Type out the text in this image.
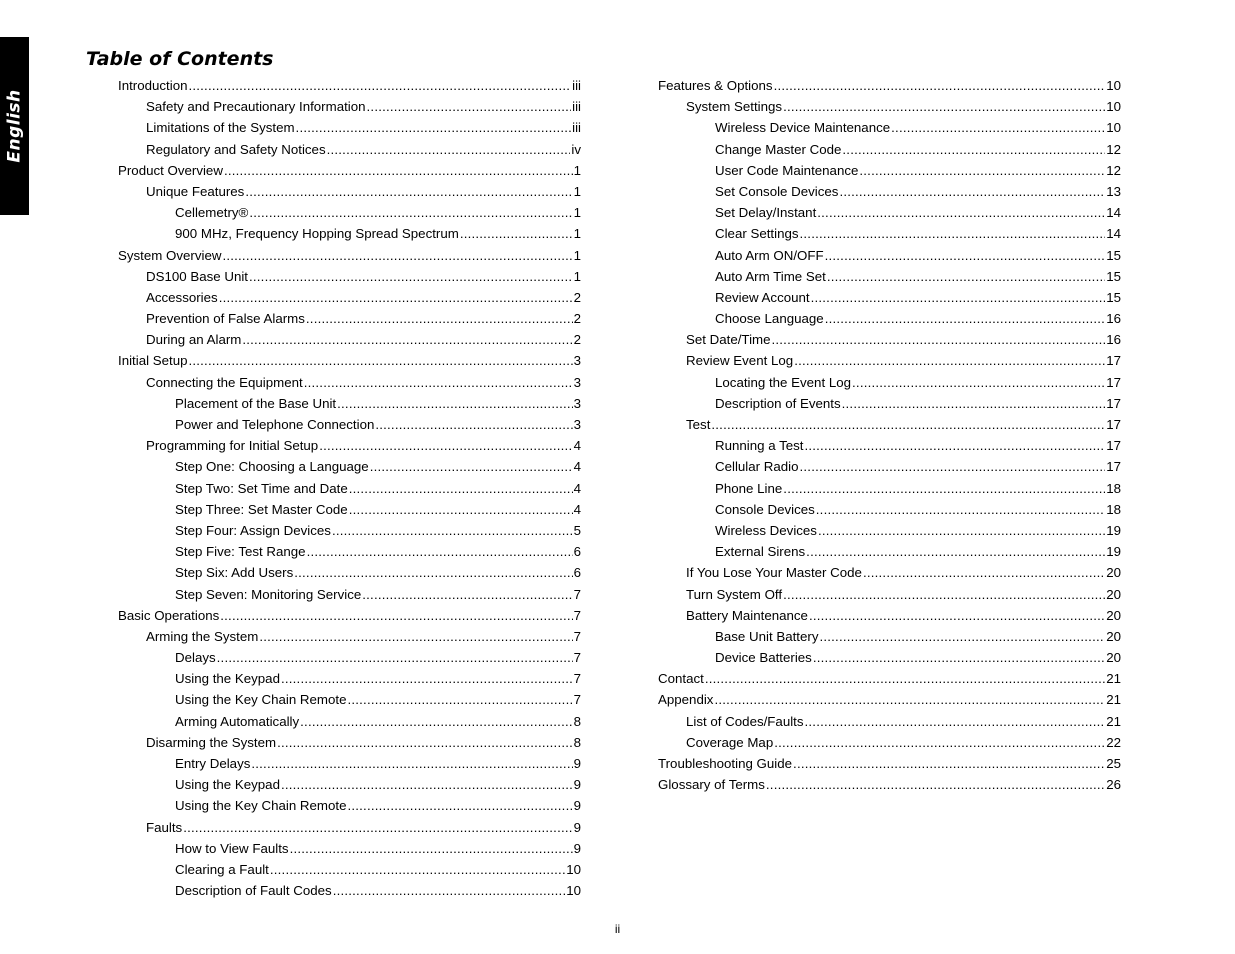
English
Table of Contents
Introduction .....	iii
Safety and Precautionary Information .....	iii
Limitations of the System .....	iii
Regulatory and Safety Notices .....	iv
Product Overview .....	1
Unique Features .....	1
Cellemetry® .....	1
900 MHz, Frequency Hopping Spread Spectrum .....	1
System Overview .....	1
DS100 Base Unit .....	1
Accessories .....	2
Prevention of False Alarms .....	2
During an Alarm .....	2
Initial Setup .....	3
Connecting the Equipment .....	3
Placement of the Base Unit .....	3
Power and Telephone Connection .....	3
Programming for Initial Setup .....	4
Step One: Choosing a Language .....	4
Step Two: Set Time and Date .....	4
Step Three: Set Master Code .....	4
Step Four: Assign Devices .....	5
Step Five: Test Range .....	6
Step Six: Add Users .....	6
Step Seven: Monitoring Service .....	7
Basic Operations .....	7
Arming the System .....	7
Delays .....	7
Using the Keypad .....	7
Using the Key Chain Remote .....	7
Arming Automatically .....	8
Disarming the System .....	8
Entry Delays .....	9
Using the Keypad .....	9
Using the Key Chain Remote .....	9
Faults .....	9
How to View Faults .....	9
Clearing a Fault .....	10
Description of Fault Codes .....	10
Features & Options .....	10
System Settings .....	10
Wireless Device Maintenance .....	10
Change Master Code .....	12
User Code Maintenance .....	12
Set Console Devices .....	13
Set Delay/Instant .....	14
Clear Settings .....	14
Auto Arm ON/OFF .....	15
Auto Arm Time Set .....	15
Review Account .....	15
Choose Language .....	16
Set Date/Time .....	16
Review Event Log .....	17
Locating the Event Log .....	17
Description of Events .....	17
Test .....	17
Running a Test .....	17
Cellular Radio .....	17
Phone Line .....	18
Console Devices .....	18
Wireless Devices .....	19
External Sirens .....	19
If You Lose Your Master Code .....	20
Turn System Off .....	20
Battery Maintenance .....	20
Base Unit Battery .....	20
Device Batteries .....	20
Contact .....	21
Appendix .....	21
List of Codes/Faults .....	21
Coverage Map .....	22
Troubleshooting Guide .....	25
Glossary of Terms .....	26
ii
